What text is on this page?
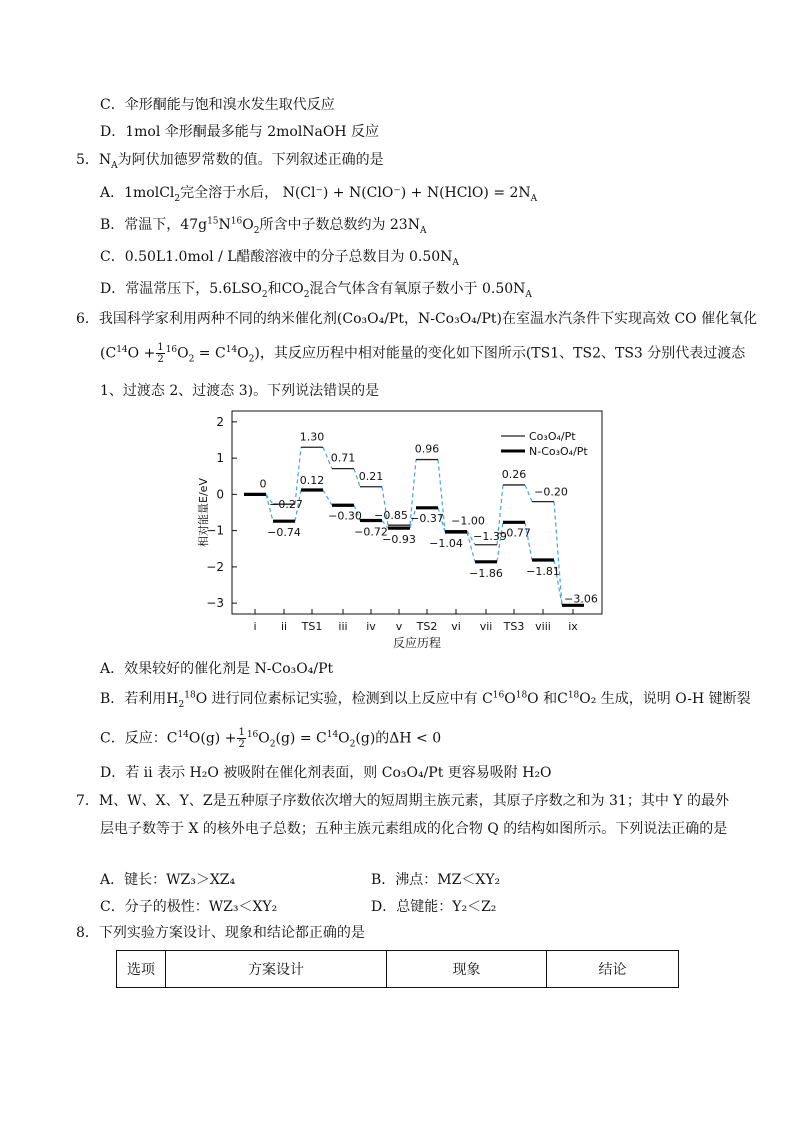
C．伞形酮能与饱和溴水发生取代反应
D．1mol 伞形酮最多能与 2molNaOH 反应
5．$N_A$为阿伏加德罗常数的值。下列叙述正确的是
A．1molCl$_2$完全溶于水后， N(Cl⁻) + N(ClO⁻) + N(HClO) = $2N_A$
B．常温下，$47g^{15}N^{16}O_2$所含中子数总数约为 $23N_A$
C．0.50L1.0mol / L醋酸溶液中的分子总数目为 $0.50N_A$
D．常温常压下，$5.6LSO_2$和$CO_2$混合气体含有氧原子数小于 $0.50N_A$
6．我国科学家利用两种不同的纳米催化剂(Co₃O₄/Pt，N-Co₃O₄/Pt)在室温水汽条件下实现高效 CO 催化氧化
$(C^{14}O + \frac{1}{2} ^{16}O_2 = C^{14}O_2)$，其反应历程中相对能量的变化如下图所示(TS1、TS2、TS3 分别代表过渡态
1、过渡态 2、过渡态 3)。下列说法错误的是
2
1
0
−1
−2
−3
i ii TS1 iii iv v TS2 vi vii TS3 viii ix
0
−0.27
1.30
0.71
0.21
−0.85
0.96
−1.00
−1.39
0.26
−0.20
−3.06
−0.74
0.12
−0.30
−0.72
−0.93
−0.37
−1.04
−1.86
−0.77
−1.81
Co₃O₄/Pt
N-Co₃O₄/Pt
相对能量E/eV
反应历程
A．效果较好的催化剂是 N-Co₃O₄/Pt
B．若利用$H_2^{18}O$ 进行同位素标记实验，检测到以上反应中有 $C^{16}O^{18}O$ 和$C^{18}O_2$ 生成，说明 O-H 键断裂
C．反应：$C^{14}O(g) + \frac{1}{2} ^{16}O_2(g) = C^{14}O_2(g)$的ΔH < 0
D．若 ii 表示 H₂O 被吸附在催化剂表面，则 Co₃O₄/Pt 更容易吸附 H₂O
7．M、W、X、Y、Z是五种原子序数依次增大的短周期主族元素，其原子序数之和为 31；其中 Y 的最外
层电子数等于 X 的核外电子总数；五种主族元素组成的化合物 Q 的结构如图所示。下列说法正确的是
A．键长：WZ₃＞XZ₄	B．沸点：MZ＜XY₂
C．分子的极性：WZ₃＜XY₂	D．总键能：Y₂＜Z₂
8．下列实验方案设计、现象和结论都正确的是
选项	方案设计	现象	结论
